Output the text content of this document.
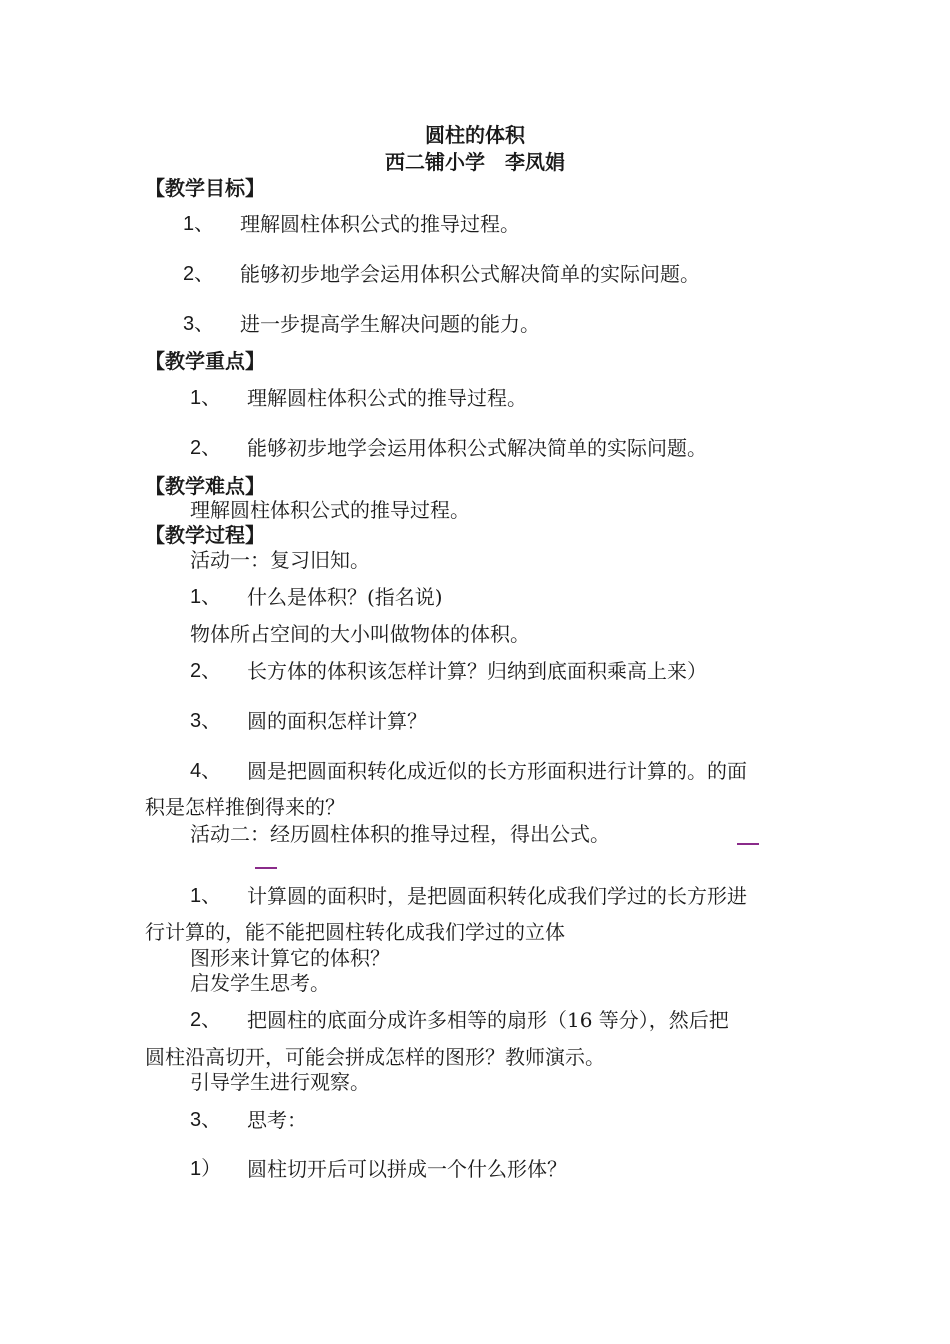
圆柱的体积
西二铺小学　李凤娟
【教学目标】
1、 理解圆柱体积公式的推导过程。
2、 能够初步地学会运用体积公式解决简单的实际问题。
3、 进一步提高学生解决问题的能力。
【教学重点】
1、 理解圆柱体积公式的推导过程。
2、 能够初步地学会运用体积公式解决简单的实际问题。
【教学难点】
理解圆柱体积公式的推导过程。
【教学过程】
活动一：复习旧知。
1、 什么是体积？(指名说)
物体所占空间的大小叫做物体的体积。
2、 长方体的体积该怎样计算？归纳到底面积乘高上来）
3、 圆的面积怎样计算？
4、 圆是把圆面积转化成近似的长方形面积进行计算的。的面
积是怎样推倒得来的？
活动二：经历圆柱体积的推导过程，得出公式。
1、 计算圆的面积时，是把圆面积转化成我们学过的长方形进
行计算的，能不能把圆柱转化成我们学过的立体
图形来计算它的体积？
启发学生思考。
2、 把圆柱的底面分成许多相等的扇形（16 等分），然后把
圆柱沿高切开，可能会拼成怎样的图形？教师演示。
引导学生进行观察。
3、 思考：
1） 圆柱切开后可以拼成一个什么形体？
